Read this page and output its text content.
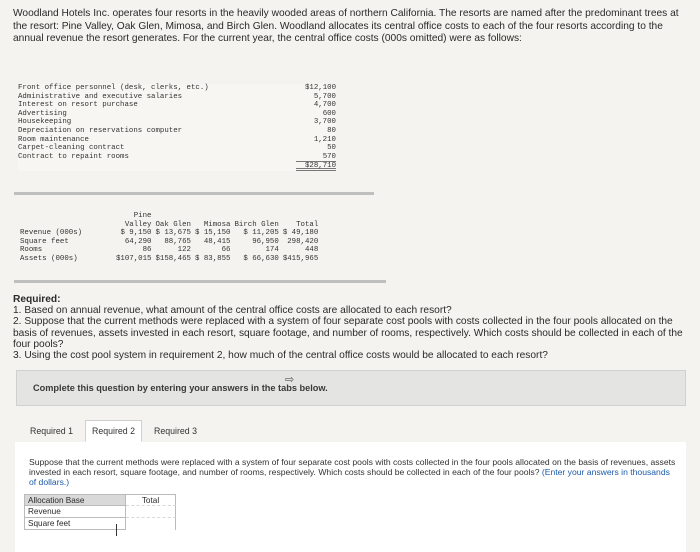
Woodland Hotels Inc. operates four resorts in the heavily wooded areas of northern California. The resorts are named after the predominant trees at the resort: Pine Valley, Oak Glen, Mimosa, and Birch Glen. Woodland allocates its central office costs to each of the four resorts according to the annual revenue the resort generates. For the current year, the central office costs (000s omitted) were as follows:
Front office personnel (desk, clerks, etc.)	$12,100
Administrative and executive salaries	5,700
Interest on resort purchase	4,700
Advertising	600
Housekeeping	3,700
Depreciation on reservations computer	80
Room maintenance	1,210
Carpet-cleaning contract	50
Contract to repaint rooms	570
$28,710
	Pine
Valley	Oak Glen	Mimosa	Birch Glen	Total
Revenue (000s)	$ 9,150	$ 13,675	$ 15,150	$ 11,205	$ 49,180
Square feet	64,290	88,765	48,415	96,950	298,420
Rooms	86	122	66	174	448
Assets (000s)	$107,015	$158,465	$ 83,855	$ 66,630	$415,965

Required:

1. Based on annual revenue, what amount of the central office costs are allocated to each resort?

2. Suppose that the current methods were replaced with a system of four separate cost pools with costs collected in the four pools allocated on the basis of revenues, assets invested in each resort, square footage, and number of rooms, respectively. Which costs should be collected in each of the four pools?

3. Using the cost pool system in requirement 2, how much of the central office costs would be allocated to each resort?

⇨
Complete this question by entering your answers in the tabs below.
Required 1	Required 2	Required 3
Suppose that the current methods were replaced with a system of four separate cost pools with costs collected in the four pools allocated on the basis of revenues, assets invested in each resort, square footage, and number of rooms, respectively. Which costs should be collected in each of the four pools? (Enter your answers in thousands of dollars.)
Allocation Base	Total
Revenue
Square feet
